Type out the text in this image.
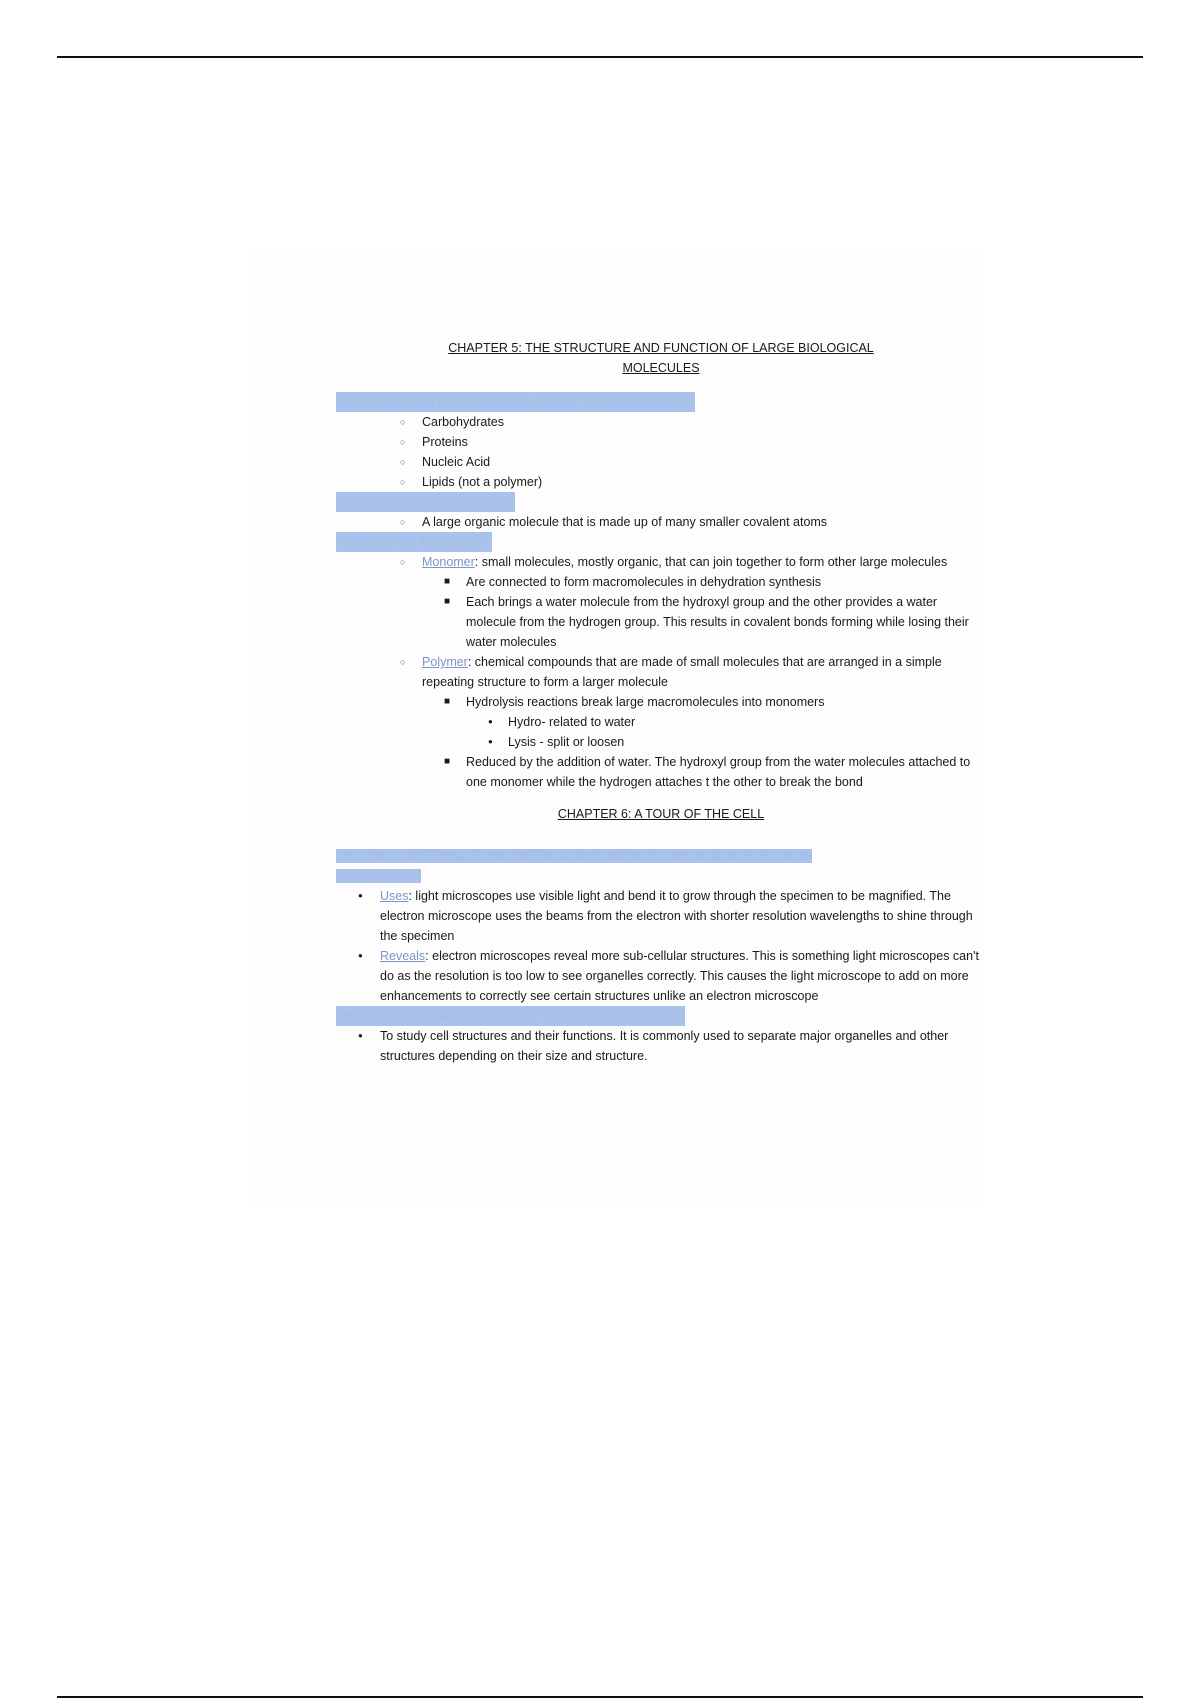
CHAPTER 5: THE STRUCTURE AND FUNCTION OF LARGE BIOLOGICAL
MOLECULES

THE LARGE MOLECULES OF ALL LIVING THINGS CLASSES
○ Carbohydrates
○ Proteins
○ Nucleic Acid
○ Lipids (not a polymer)
DEFINE MACROMOLECULES
○ A large organic molecule that is made up of many smaller covalent atoms
POLYMER VS MONOMER
○ Monomer: small molecules, mostly organic, that can join together to form other large molecules
■ Are connected to form macromolecules in dehydration synthesis
■ Each brings a water molecule from the hydroxyl group and the other provides a water molecule from the hydrogen group. This results in covalent bonds forming while losing their water molecules
○ Polymer: chemical compounds that are made of small molecules that are arranged in a simple repeating structure to form a larger molecule
■ Hydrolysis reactions break large macromolecules into monomers
● Hydro- related to water
● Lysis - split or loosen
■ Reduced by the addition of water. The hydroxyl group from the water molecules attached to one monomer while the hydrogen attaches t the other to break the bond

CHAPTER 6: A TOUR OF THE CELL

LIST TWO DIFFERENCES BETWEEN A LIGHT MICROSCOPE AND AN ELECTRON MICROSCOPE
● Uses: light microscopes use visible light and bend it to grow through the specimen to be magnified. The electron microscope uses the beams from the electron with shorter resolution wavelengths to shine through the specimen
● Reveals: electron microscopes reveal more sub-cellular structures. This is something light microscopes can't do as the resolution is too low to see organelles correctly. This causes the light microscope to add on more enhancements to correctly see certain structures unlike an electron microscope
THE PROCESS AND PURPOSE OF CELL FRACTIONATION
● To study cell structures and their functions. It is commonly used to separate major organelles and other structures depending on their size and structure.
